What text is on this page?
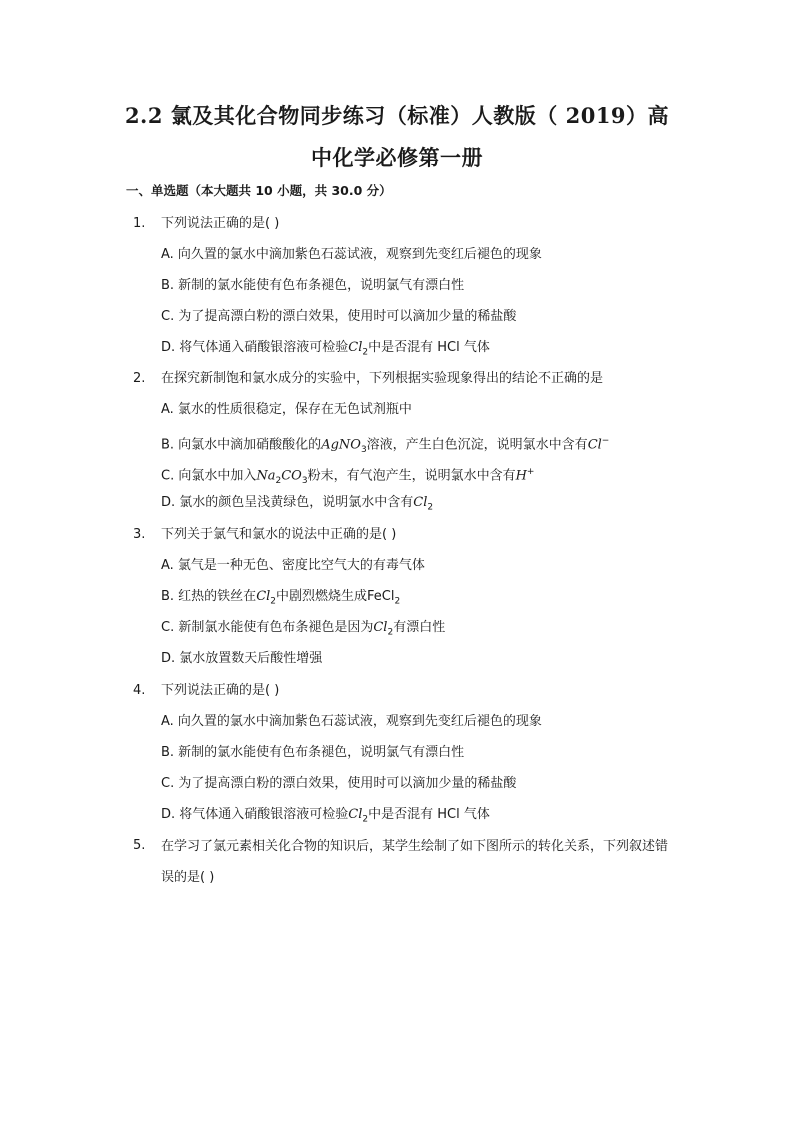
2.2 氯及其化合物同步练习（标准）人教版（ 2019）高
中化学必修第一册
一、单选题（本大题共 10 小题，共 30.0 分）
1. 下列说法正确的是( )
A. 向久置的氯水中滴加紫色石蕊试液，观察到先变红后褪色的现象
B. 新制的氯水能使有色布条褪色，说明氯气有漂白性
C. 为了提高漂白粉的漂白效果，使用时可以滴加少量的稀盐酸
D. 将气体通入硝酸银溶液可检验$Cl_2$中是否混有 HCl 气体
2. 在探究新制饱和氯水成分的实验中，下列根据实验现象得出的结论不正确的是
A. 氯水的性质很稳定，保存在无色试剂瓶中
B. 向氯水中滴加硝酸酸化的AgNO$_3$溶液，产生白色沉淀，说明氯水中含有Cl−
C. 向氯水中加入$Na_2CO_3$粉末，有气泡产生，说明氯水中含有H+
D. 氯水的颜色呈浅黄绿色，说明氯水中含有$Cl_2$
3. 下列关于氯气和氯水的说法中正确的是( )
A. 氯气是一种无色、密度比空气大的有毒气体
B. 红热的铁丝在$Cl_2$中剧烈燃烧生成FeCl$_2$
C. 新制氯水能使有色布条褪色是因为$Cl_2$有漂白性
D. 氯水放置数天后酸性增强
4. 下列说法正确的是( )
A. 向久置的氯水中滴加紫色石蕊试液，观察到先变红后褪色的现象
B. 新制的氯水能使有色布条褪色，说明氯气有漂白性
C. 为了提高漂白粉的漂白效果，使用时可以滴加少量的稀盐酸
D. 将气体通入硝酸银溶液可检验$Cl_2$中是否混有 HCl 气体
5.	在学习了氯元素相关化合物的知识后，某学生绘制了如下图所示的转化关系，下列叙述错误的是( )
